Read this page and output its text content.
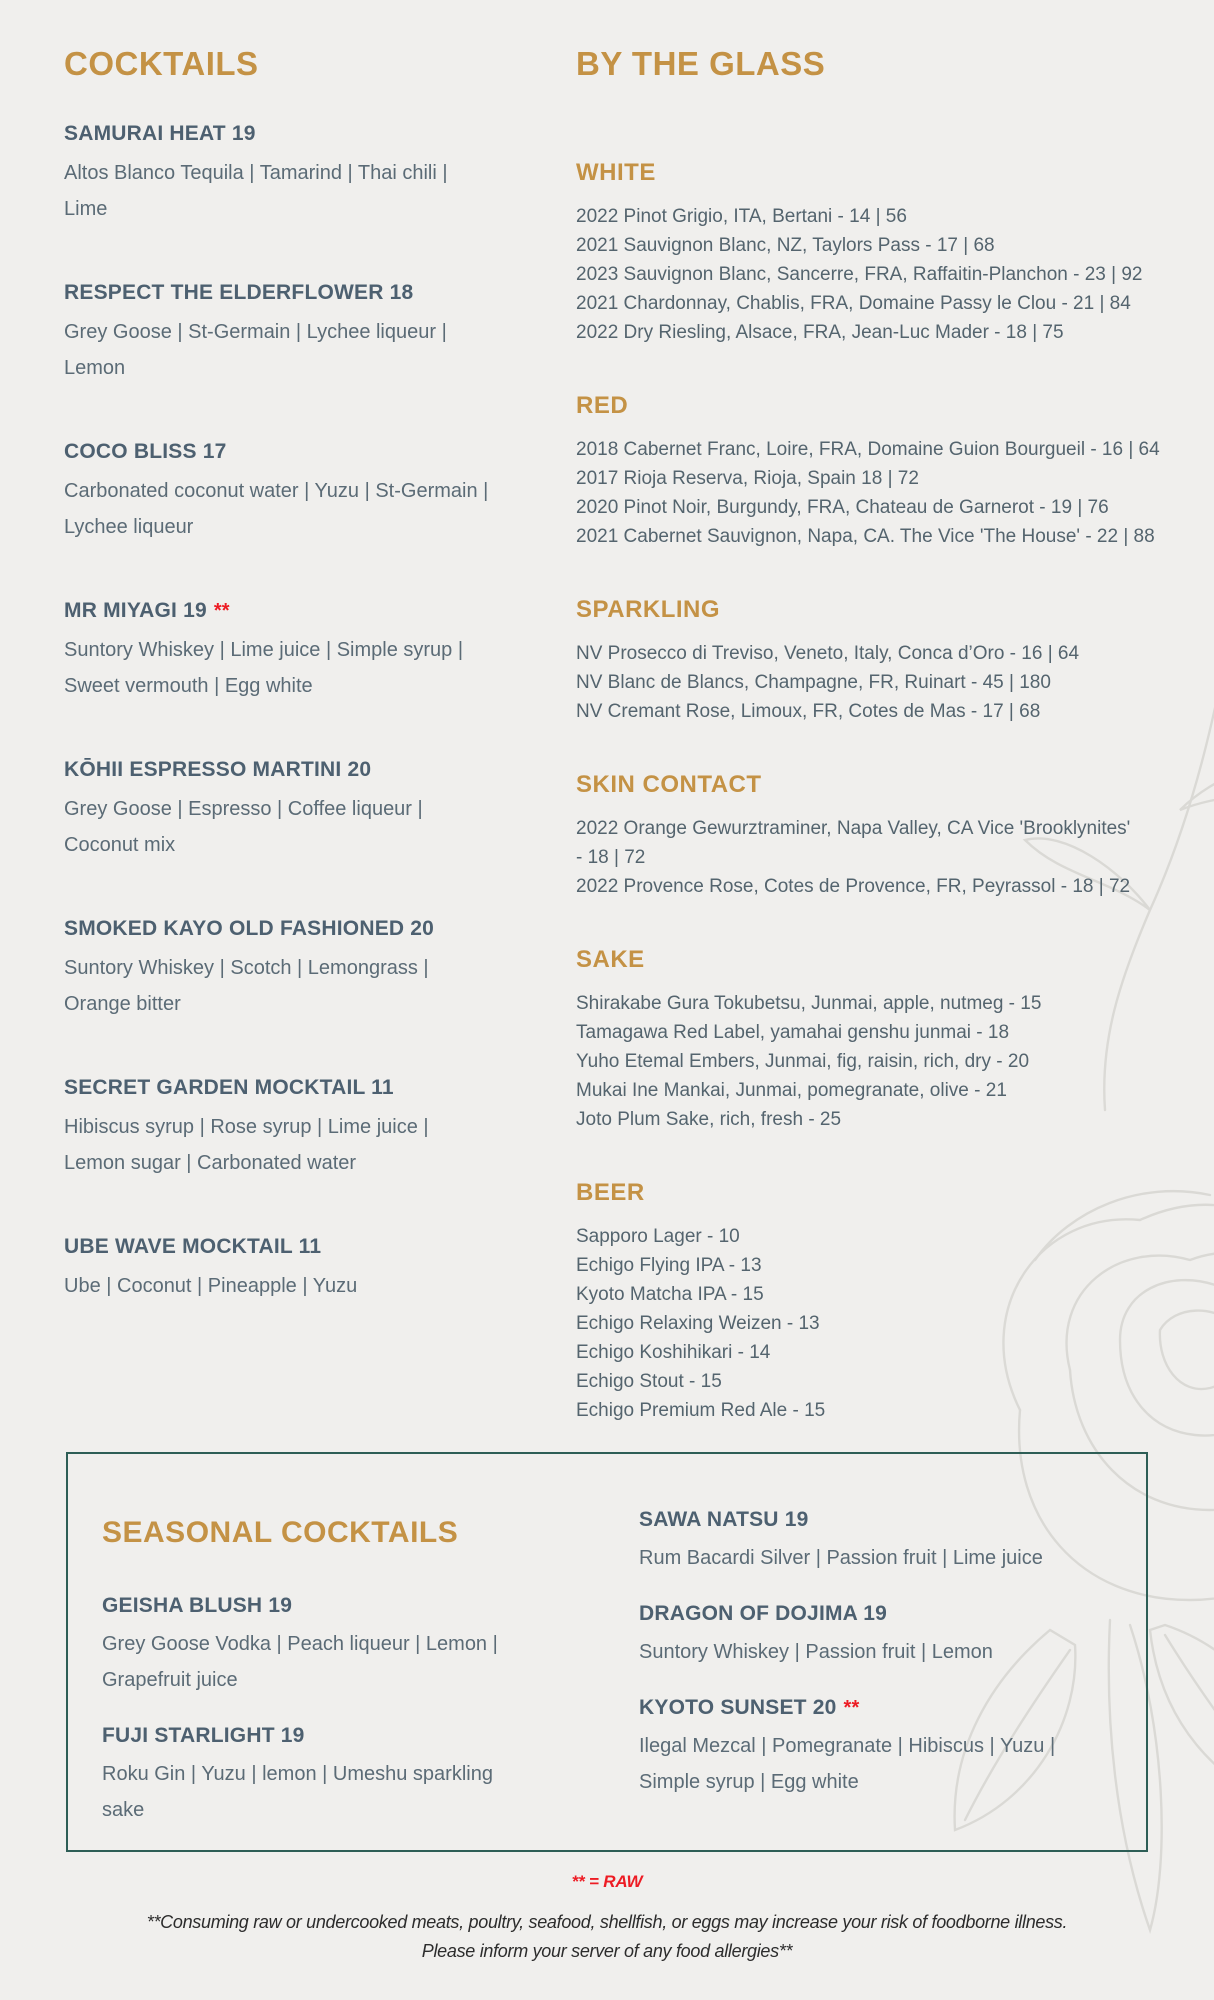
COCKTAILS
SAMURAI HEAT 19
Altos Blanco Tequila | Tamarind | Thai chili | Lime
RESPECT THE ELDERFLOWER 18
Grey Goose | St-Germain | Lychee liqueur | Lemon
COCO BLISS 17
Carbonated coconut water | Yuzu | St-Germain | Lychee liqueur
MR MIYAGI 19 **
Suntory Whiskey | Lime juice | Simple syrup | Sweet vermouth | Egg white
KŌHII ESPRESSO MARTINI 20
Grey Goose | Espresso | Coffee liqueur | Coconut mix
SMOKED KAYO OLD FASHIONED 20
Suntory Whiskey | Scotch | Lemongrass | Orange bitter
SECRET GARDEN MOCKTAIL 11
Hibiscus syrup | Rose syrup | Lime juice | Lemon sugar | Carbonated water
UBE WAVE MOCKTAIL 11
Ube | Coconut | Pineapple | Yuzu
BY THE GLASS
WHITE
2022 Pinot Grigio, ITA, Bertani - 14 | 56
2021 Sauvignon Blanc, NZ, Taylors Pass - 17 | 68
2023 Sauvignon Blanc, Sancerre, FRA, Raffaitin-Planchon - 23 | 92
2021 Chardonnay, Chablis, FRA, Domaine Passy le Clou - 21 | 84
2022 Dry Riesling, Alsace, FRA, Jean-Luc Mader - 18 | 75
RED
2018 Cabernet Franc, Loire, FRA, Domaine Guion Bourgueil - 16 | 64
2017 Rioja Reserva, Rioja, Spain 18 | 72
2020 Pinot Noir, Burgundy, FRA, Chateau de Garnerot - 19 | 76
2021 Cabernet Sauvignon, Napa, CA. The Vice 'The House' - 22 | 88
SPARKLING
NV Prosecco di Treviso, Veneto, Italy, Conca d’Oro - 16 | 64
NV Blanc de Blancs, Champagne, FR, Ruinart - 45 | 180
NV Cremant Rose, Limoux, FR, Cotes de Mas - 17 | 68
SKIN CONTACT
2022 Orange Gewurztraminer, Napa Valley, CA Vice 'Brooklynites'
- 18 | 72
2022 Provence Rose, Cotes de Provence, FR, Peyrassol - 18 | 72
SAKE
Shirakabe Gura Tokubetsu, Junmai, apple, nutmeg - 15
Tamagawa Red Label, yamahai genshu junmai - 18
Yuho Etemal Embers, Junmai, fig, raisin, rich, dry - 20
Mukai Ine Mankai, Junmai, pomegranate, olive - 21
Joto Plum Sake, rich, fresh - 25
BEER
Sapporo Lager - 10
Echigo Flying IPA - 13
Kyoto Matcha IPA - 15
Echigo Relaxing Weizen - 13
Echigo Koshihikari - 14
Echigo Stout - 15
Echigo Premium Red Ale - 15
SEASONAL COCKTAILS
GEISHA BLUSH 19
Grey Goose Vodka | Peach liqueur | Lemon | Grapefruit juice
FUJI STARLIGHT 19
Roku Gin | Yuzu | lemon | Umeshu sparkling sake
SAWA NATSU 19
Rum Bacardi Silver | Passion fruit | Lime juice
DRAGON OF DOJIMA 19
Suntory Whiskey | Passion fruit | Lemon
KYOTO SUNSET 20 **
Ilegal Mezcal | Pomegranate | Hibiscus | Yuzu | Simple syrup | Egg white
** = RAW
**Consuming raw or undercooked meats, poultry, seafood, shellfish, or eggs may increase your risk of foodborne illness.
Please inform your server of any food allergies**
